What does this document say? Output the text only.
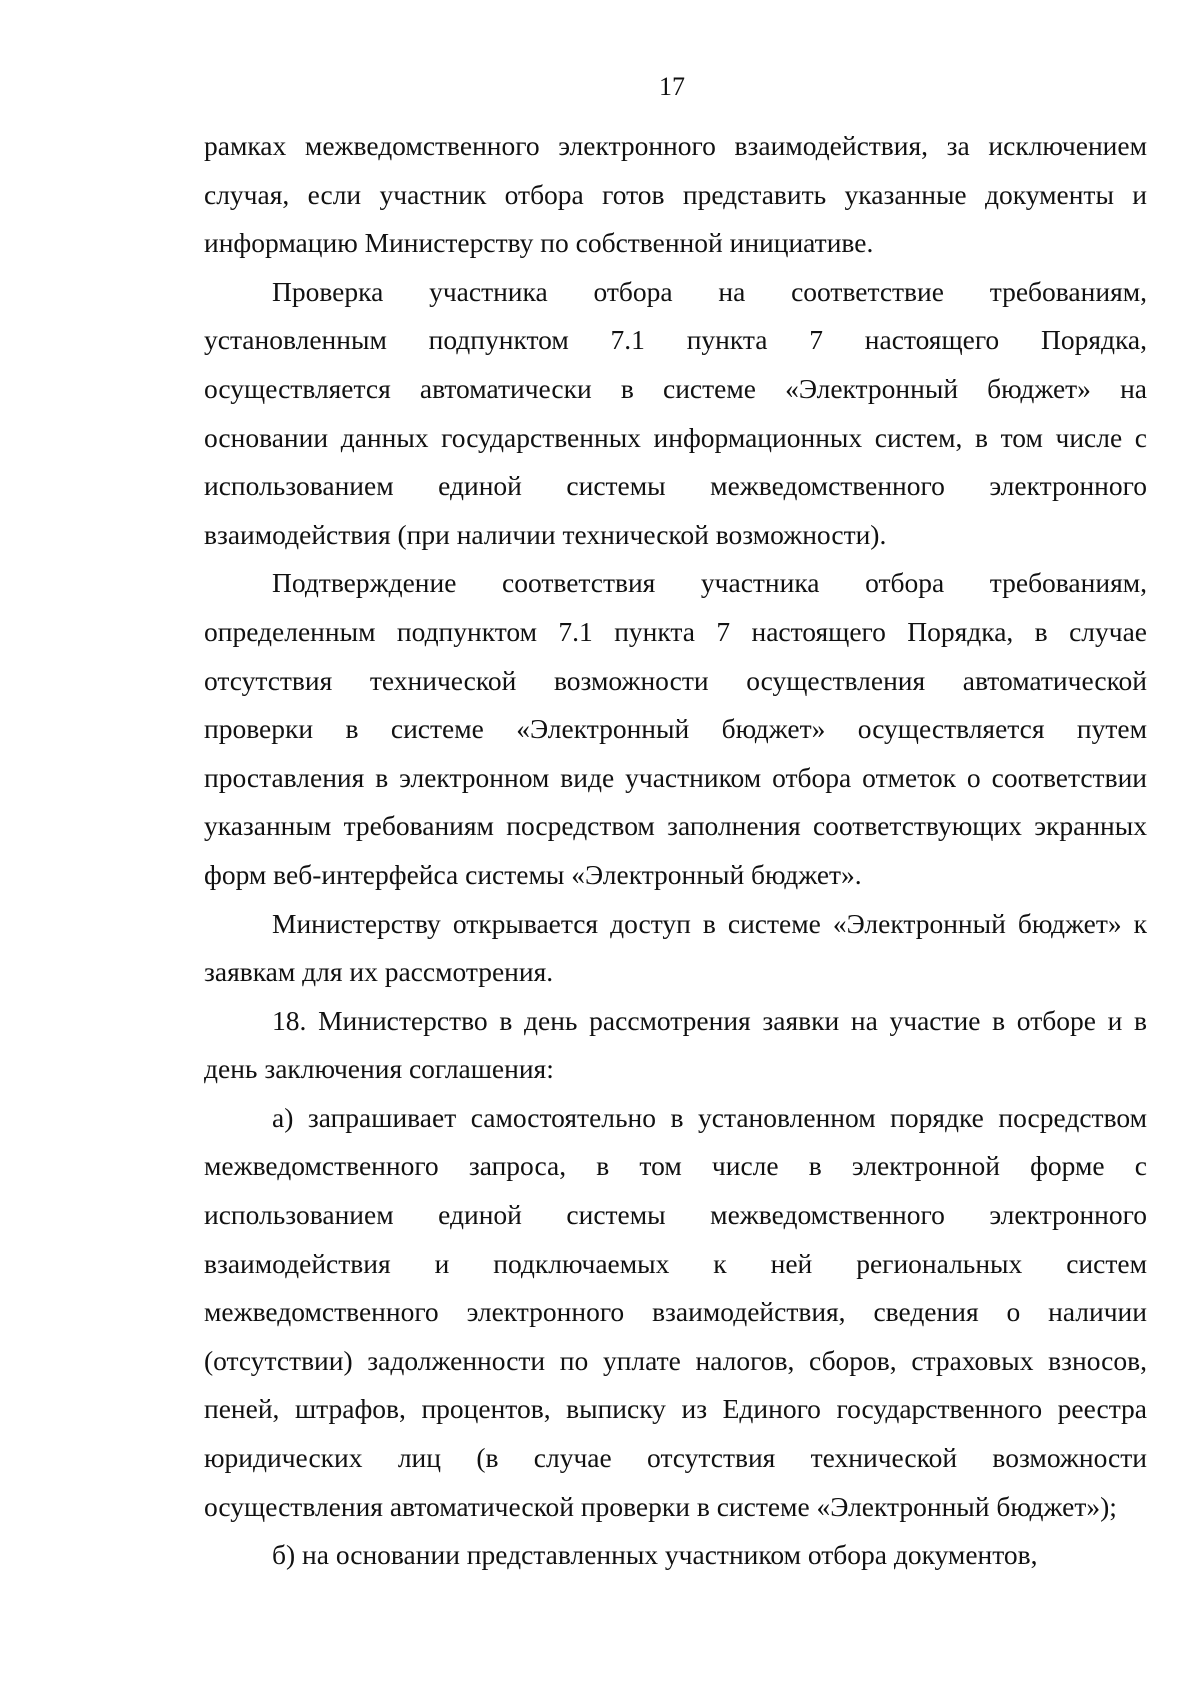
17

рамках межведомственного электронного взаимодействия, за исключением
случая, если участник отбора готов представить указанные документы и
информацию Министерству по собственной инициативе.

Проверка участника отбора на соответствие требованиям,
установленным подпунктом 7.1 пункта 7 настоящего Порядка,
осуществляется автоматически в системе «Электронный бюджет» на
основании данных государственных информационных систем, в том числе с
использованием единой системы межведомственного электронного
взаимодействия (при наличии технической возможности).

Подтверждение соответствия участника отбора требованиям,
определенным подпунктом 7.1 пункта 7 настоящего Порядка, в случае
отсутствия технической возможности осуществления автоматической
проверки в системе «Электронный бюджет» осуществляется путем
проставления в электронном виде участником отбора отметок о соответствии
указанным требованиям посредством заполнения соответствующих экранных
форм веб-интерфейса системы «Электронный бюджет».

Министерству открывается доступ в системе «Электронный бюджет» к
заявкам для их рассмотрения.

18. Министерство в день рассмотрения заявки на участие в отборе и в
день заключения соглашения:

а) запрашивает самостоятельно в установленном порядке посредством
межведомственного запроса, в том числе в электронной форме с
использованием единой системы межведомственного электронного
взаимодействия и подключаемых к ней региональных систем
межведомственного электронного взаимодействия, сведения о наличии
(отсутствии) задолженности по уплате налогов, сборов, страховых взносов,
пеней, штрафов, процентов, выписку из Единого государственного реестра
юридических лиц (в случае отсутствия технической возможности
осуществления автоматической проверки в системе «Электронный бюджет»);

б) на основании представленных участником отбора документов,
